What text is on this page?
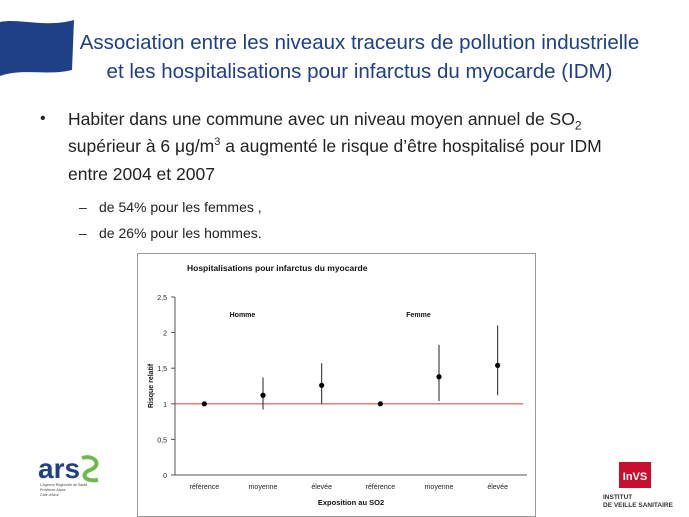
Association entre les niveaux traceurs de pollution industrielle
et les hospitalisations pour infarctus du myocarde (IDM)
• Habiter dans une commune avec un niveau moyen annuel de $SO_2$
supérieur à 6 $\mu g/m^3$ a augmenté le risque d’être hospitalisé pour IDM
entre 2004 et 2007
– de 54% pour les femmes ,
– de 26% pour les hommes.
Hospitalisations pour infarctus du myocarde
0
0,5
1
1,5
2
2,5
référence	moyenne	élevée	référence	moyenne	élevée
Homme	Femme
Exposition au SO2
Risque relatif
ars
L’Agence Régionale de Santé
Provence-Alpes
Côte d’Azur
InVS
INSTITUT
DE VEILLE SANITAIRE
